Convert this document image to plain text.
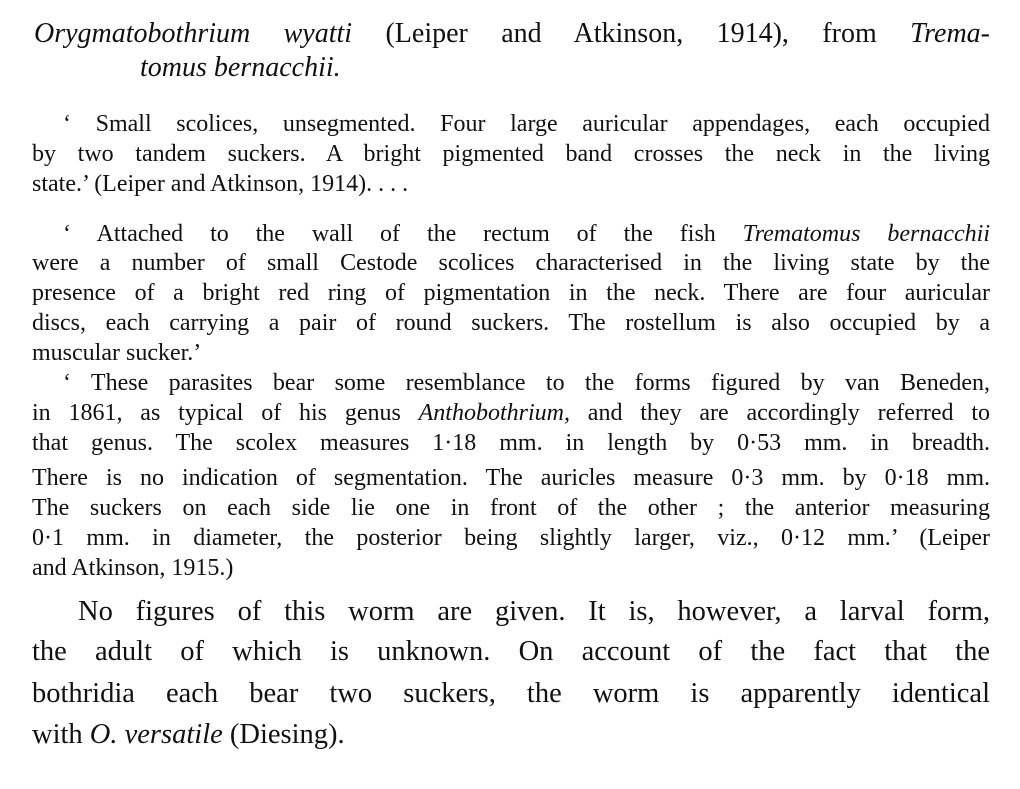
Orygmatobothrium wyatti (Leiper and Atkinson, 1914), from Trema-
tomus bernacchii.
‘ Small scolices, unsegmented. Four large auricular appendages, each occupied
by two tandem suckers. A bright pigmented band crosses the neck in the living
state.’ (Leiper and Atkinson, 1914). . . .
‘ Attached to the wall of the rectum of the fish Trematomus bernacchii
were a number of small Cestode scolices characterised in the living state by the
presence of a bright red ring of pigmentation in the neck. There are four auricular
discs, each carrying a pair of round suckers. The rostellum is also occupied by a
muscular sucker.’
‘ These parasites bear some resemblance to the forms figured by van Beneden,
in 1861, as typical of his genus Anthobothrium, and they are accordingly referred to
that genus. The scolex measures 1·18 mm. in length by 0·53 mm. in breadth.
There is no indication of segmentation. The auricles measure 0·3 mm. by 0·18 mm.
The suckers on each side lie one in front of the other ; the anterior measuring
0·1 mm. in diameter, the posterior being slightly larger, viz., 0·12 mm.’ (Leiper
and Atkinson, 1915.)
No figures of this worm are given. It is, however, a larval form,
the adult of which is unknown. On account of the fact that the
bothridia each bear two suckers, the worm is apparently identical
with O. versatile (Diesing).
